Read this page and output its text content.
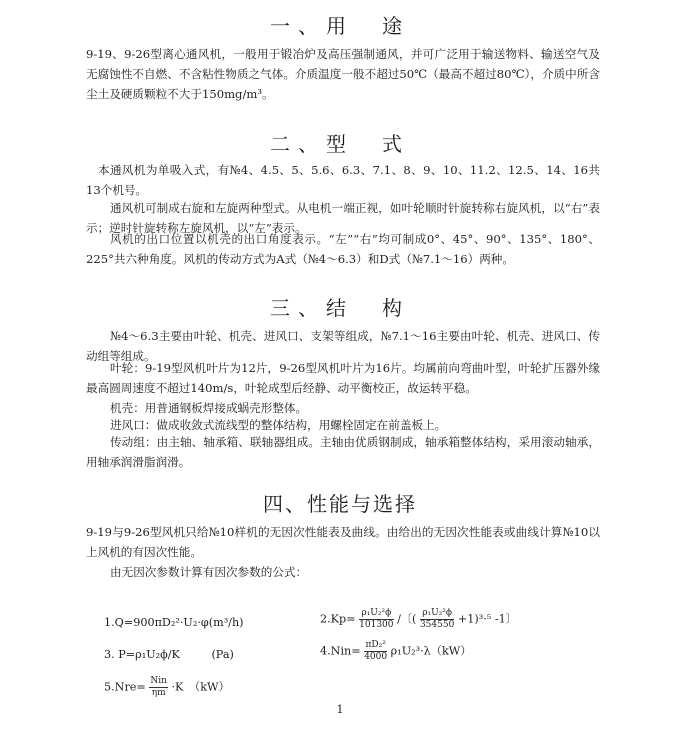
一、用　途

9-19、9-26型离心通风机，一般用于锻冶炉及高压强制通风，并可广泛用于输送物料、输送空气及无腐蚀性不自燃、不含粘性物质之气体。介质温度一般不超过50℃（最高不超过80℃），介质中所含尘土及硬质颗粒不大于150mg/m³。

二、型　式

本通风机为单吸入式，有№4、4.5、5、5.6、6.3、7.1、8、9、10、11.2、12.5、14、16共13个机号。

通风机可制成右旋和左旋两种型式。从电机一端正视，如叶轮顺时针旋转称右旋风机，以“右”表示；逆时针旋转称左旋风机，以“左”表示。

风机的出口位置以机壳的出口角度表示。“左”“右”均可制成0°、45°、90°、135°、180°、225°共六种角度。风机的传动方式为A式（№4～6.3）和D式（№7.1～16）两种。

三、结　构

№4～6.3主要由叶轮、机壳、进风口、支架等组成，№7.1～16主要由叶轮、机壳、进风口、传动组等组成。

叶轮：9-19型风机叶片为12片，9-26型风机叶片为16片。均属前向弯曲叶型，叶轮扩压器外缘最高圆周速度不超过140m/s，叶轮成型后经静、动平衡校正，故运转平稳。

机壳：用普通钢板焊接成蜗壳形整体。

进风口：做成收敛式流线型的整体结构，用螺栓固定在前盖板上。

传动组：由主轴、轴承箱、联轴器组成。主轴由优质钢制成，轴承箱整体结构，采用滚动轴承，用轴承润滑脂润滑。

四、性能与选择

9-19与9-26型风机只给№10样机的无因次性能表及曲线。由给出的无因次性能表或曲线计算№10以上风机的有因次性能。

由无因次参数计算有因次参数的公式：

1.Q=900πD₂²·U₂·φ(m³/h)	$2.Kp= \frac{\text{ρ₁U₂²ϕ}}{101300}$ /〔( $\frac{\text{ρ₁U₂²ϕ}}{354550} +1)^3\cdot^5$ -1〕
3. P=ρ₁U₂ϕ/K	(Pa)	$4.Nin= \frac{\text{πD₂²}}{4000} \rho_1U_2^3\cdot\lambda(kW)$
$5.Nre= \frac{\text{Nin}}{\eta m} \cdot K$　（kW）
1
